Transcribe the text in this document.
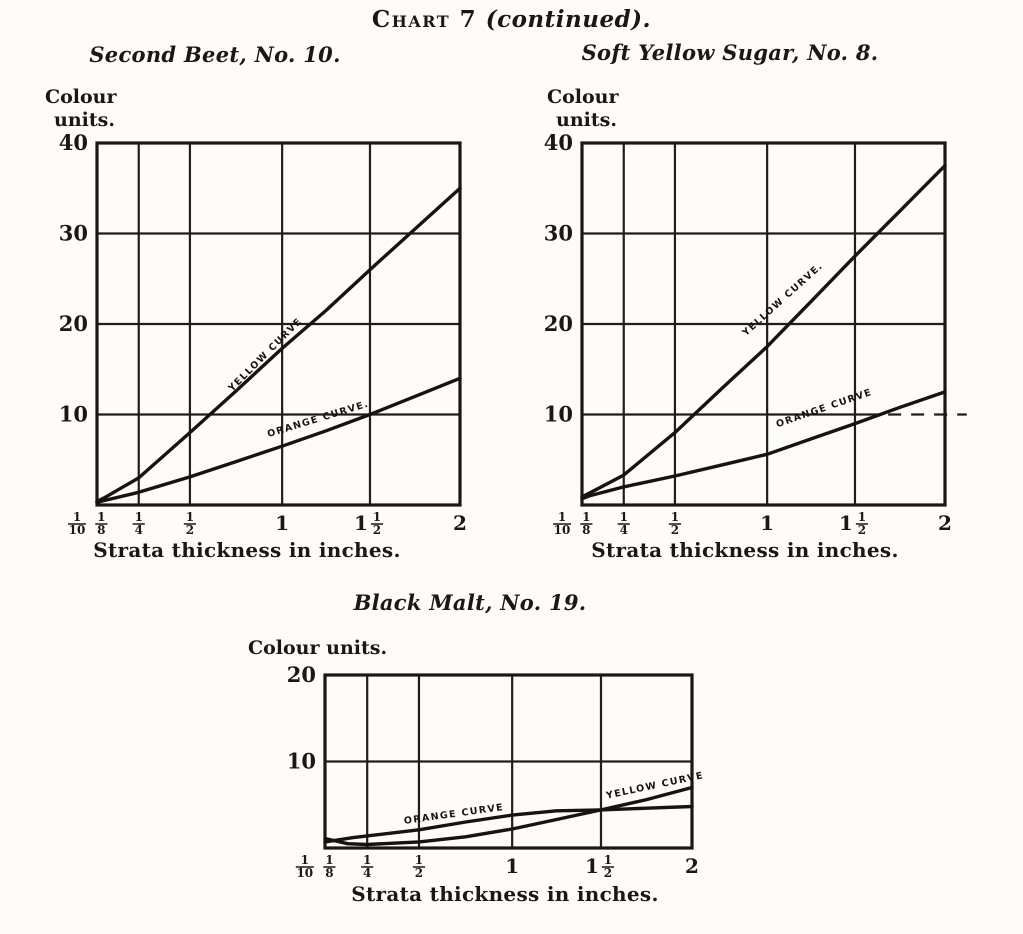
Chart 7 (continued).
Second Beet, No. 10.	Soft Yellow Sugar, No. 8.
Black Malt, No. 19.
Colour
units.
Colour
units.
Colour units.
40
30
20
10
YELLOW CURVE
ORANGE CURVE.
1
10
1
8
1
4
1
2	1	1 1
2	2
40
30
20
10
YELLOW CURVE.
ORANGE CURVE
1
10
1
8
1
4
1
2	1	1 1
2	2
20
10
ORANGE CURVE
YELLOW CURVE
1
10
1
8
1
4
1
2	1	1 1
2	2
Strata thickness in inches.	Strata thickness in inches.
Strata thickness in inches.
